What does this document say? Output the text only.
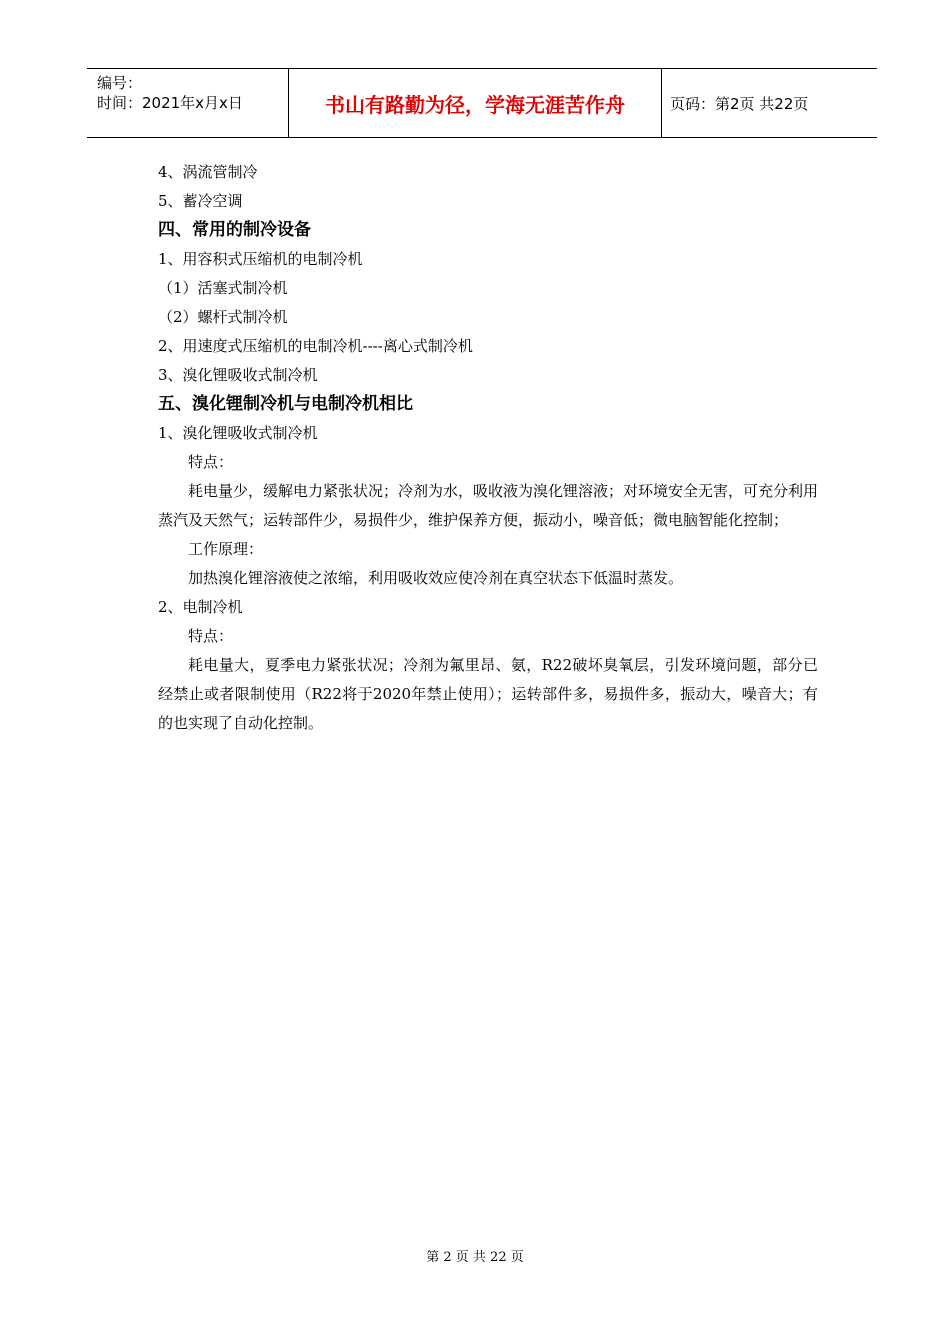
编号：
时间：2021年x月x日	书山有路勤为径，学海无涯苦作舟	页码：第2页 共22页
4、涡流管制冷
5、蓄冷空调
四、常用的制冷设备
1、用容积式压缩机的电制冷机
（1）活塞式制冷机
（2）螺杆式制冷机
2、用速度式压缩机的电制冷机----离心式制冷机
3、溴化锂吸收式制冷机
五、溴化锂制冷机与电制冷机相比
1、溴化锂吸收式制冷机
特点：

耗电量少，缓解电力紧张状况；冷剂为水，吸收液为溴化锂溶液；对环境安全无害，可充分利用蒸汽及天然气；运转部件少，易损件少，维护保养方便，振动小，噪音低；微电脑智能化控制；

工作原理：
加热溴化锂溶液使之浓缩，利用吸收效应使冷剂在真空状态下低温时蒸发。
2、电制冷机
特点：

耗电量大，夏季电力紧张状况；冷剂为氟里昂、氨，R22破坏臭氧层，引发环境问题，部分已经禁止或者限制使用（R22将于2020年禁止使用）；运转部件多，易损件多，振动大，噪音大；有的也实现了自动化控制。

第 2 页 共 22 页
